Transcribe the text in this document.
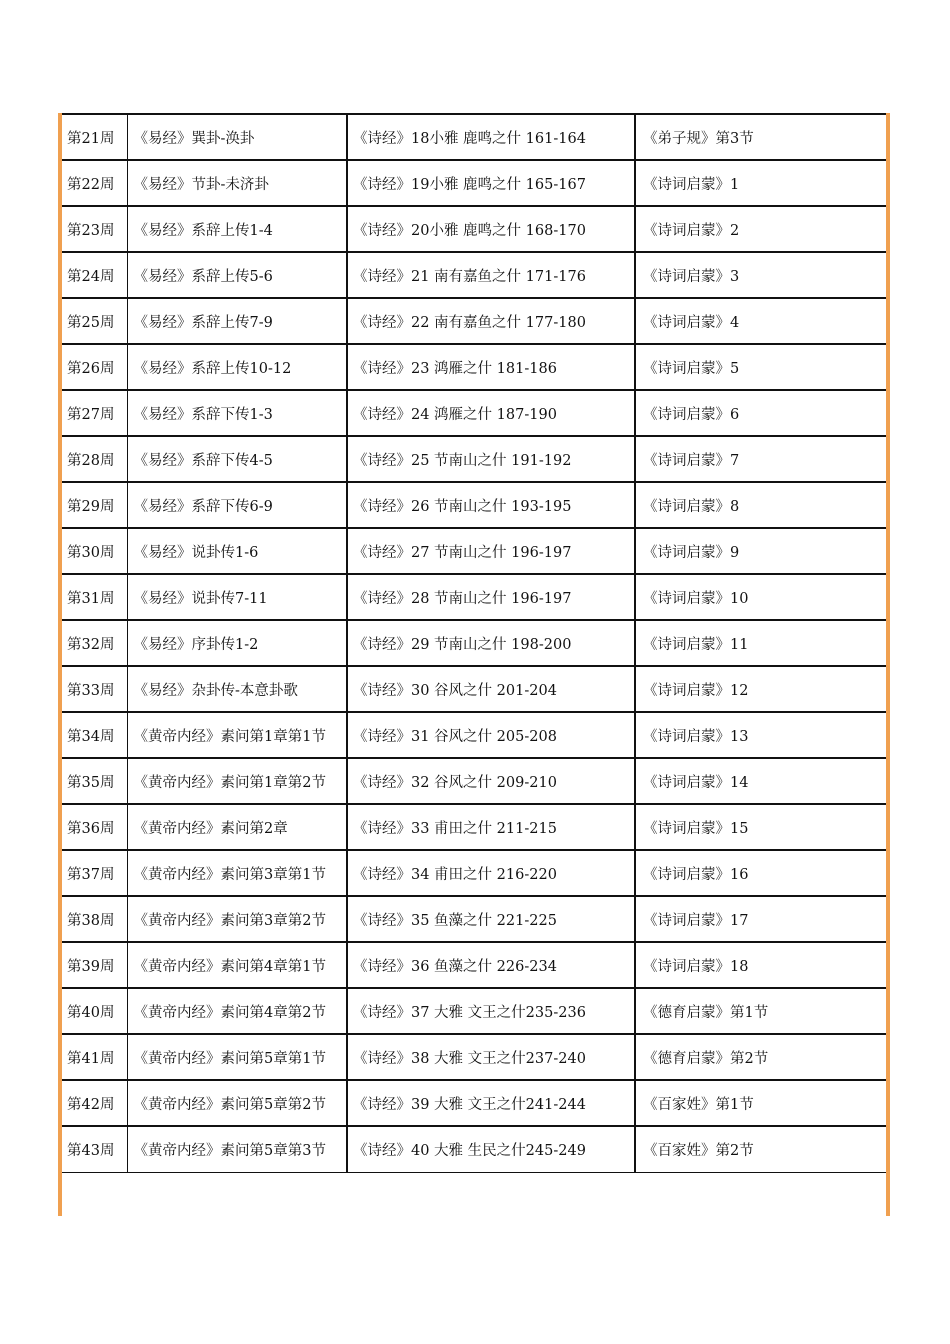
第21周	《易经》巽卦-涣卦	《诗经》18小雅 鹿鸣之什 161-164	《弟子规》第3节
第22周	《易经》节卦-未济卦	《诗经》19小雅 鹿鸣之什 165-167	《诗词启蒙》1
第23周	《易经》系辞上传1-4	《诗经》20小雅 鹿鸣之什 168-170	《诗词启蒙》2
第24周	《易经》系辞上传5-6	《诗经》21 南有嘉鱼之什 171-176	《诗词启蒙》3
第25周	《易经》系辞上传7-9	《诗经》22 南有嘉鱼之什 177-180	《诗词启蒙》4
第26周	《易经》系辞上传10-12	《诗经》23 鸿雁之什 181-186	《诗词启蒙》5
第27周	《易经》系辞下传1-3	《诗经》24 鸿雁之什 187-190	《诗词启蒙》6
第28周	《易经》系辞下传4-5	《诗经》25 节南山之什 191-192	《诗词启蒙》7
第29周	《易经》系辞下传6-9	《诗经》26 节南山之什 193-195	《诗词启蒙》8
第30周	《易经》说卦传1-6	《诗经》27 节南山之什 196-197	《诗词启蒙》9
第31周	《易经》说卦传7-11	《诗经》28 节南山之什 196-197	《诗词启蒙》10
第32周	《易经》序卦传1-2	《诗经》29 节南山之什 198-200	《诗词启蒙》11
第33周	《易经》杂卦传-本意卦歌	《诗经》30 谷风之什 201-204	《诗词启蒙》12
第34周	《黄帝内经》素问第1章第1节	《诗经》31 谷风之什 205-208	《诗词启蒙》13
第35周	《黄帝内经》素问第1章第2节	《诗经》32 谷风之什 209-210	《诗词启蒙》14
第36周	《黄帝内经》素问第2章	《诗经》33 甫田之什 211-215	《诗词启蒙》15
第37周	《黄帝内经》素问第3章第1节	《诗经》34 甫田之什 216-220	《诗词启蒙》16
第38周	《黄帝内经》素问第3章第2节	《诗经》35 鱼藻之什 221-225	《诗词启蒙》17
第39周	《黄帝内经》素问第4章第1节	《诗经》36 鱼藻之什 226-234	《诗词启蒙》18
第40周	《黄帝内经》素问第4章第2节	《诗经》37 大雅 文王之什235-236	《德育启蒙》第1节
第41周	《黄帝内经》素问第5章第1节	《诗经》38 大雅 文王之什237-240	《德育启蒙》第2节
第42周	《黄帝内经》素问第5章第2节	《诗经》39 大雅 文王之什241-244	《百家姓》第1节
第43周	《黄帝内经》素问第5章第3节	《诗经》40 大雅 生民之什245-249	《百家姓》第2节
